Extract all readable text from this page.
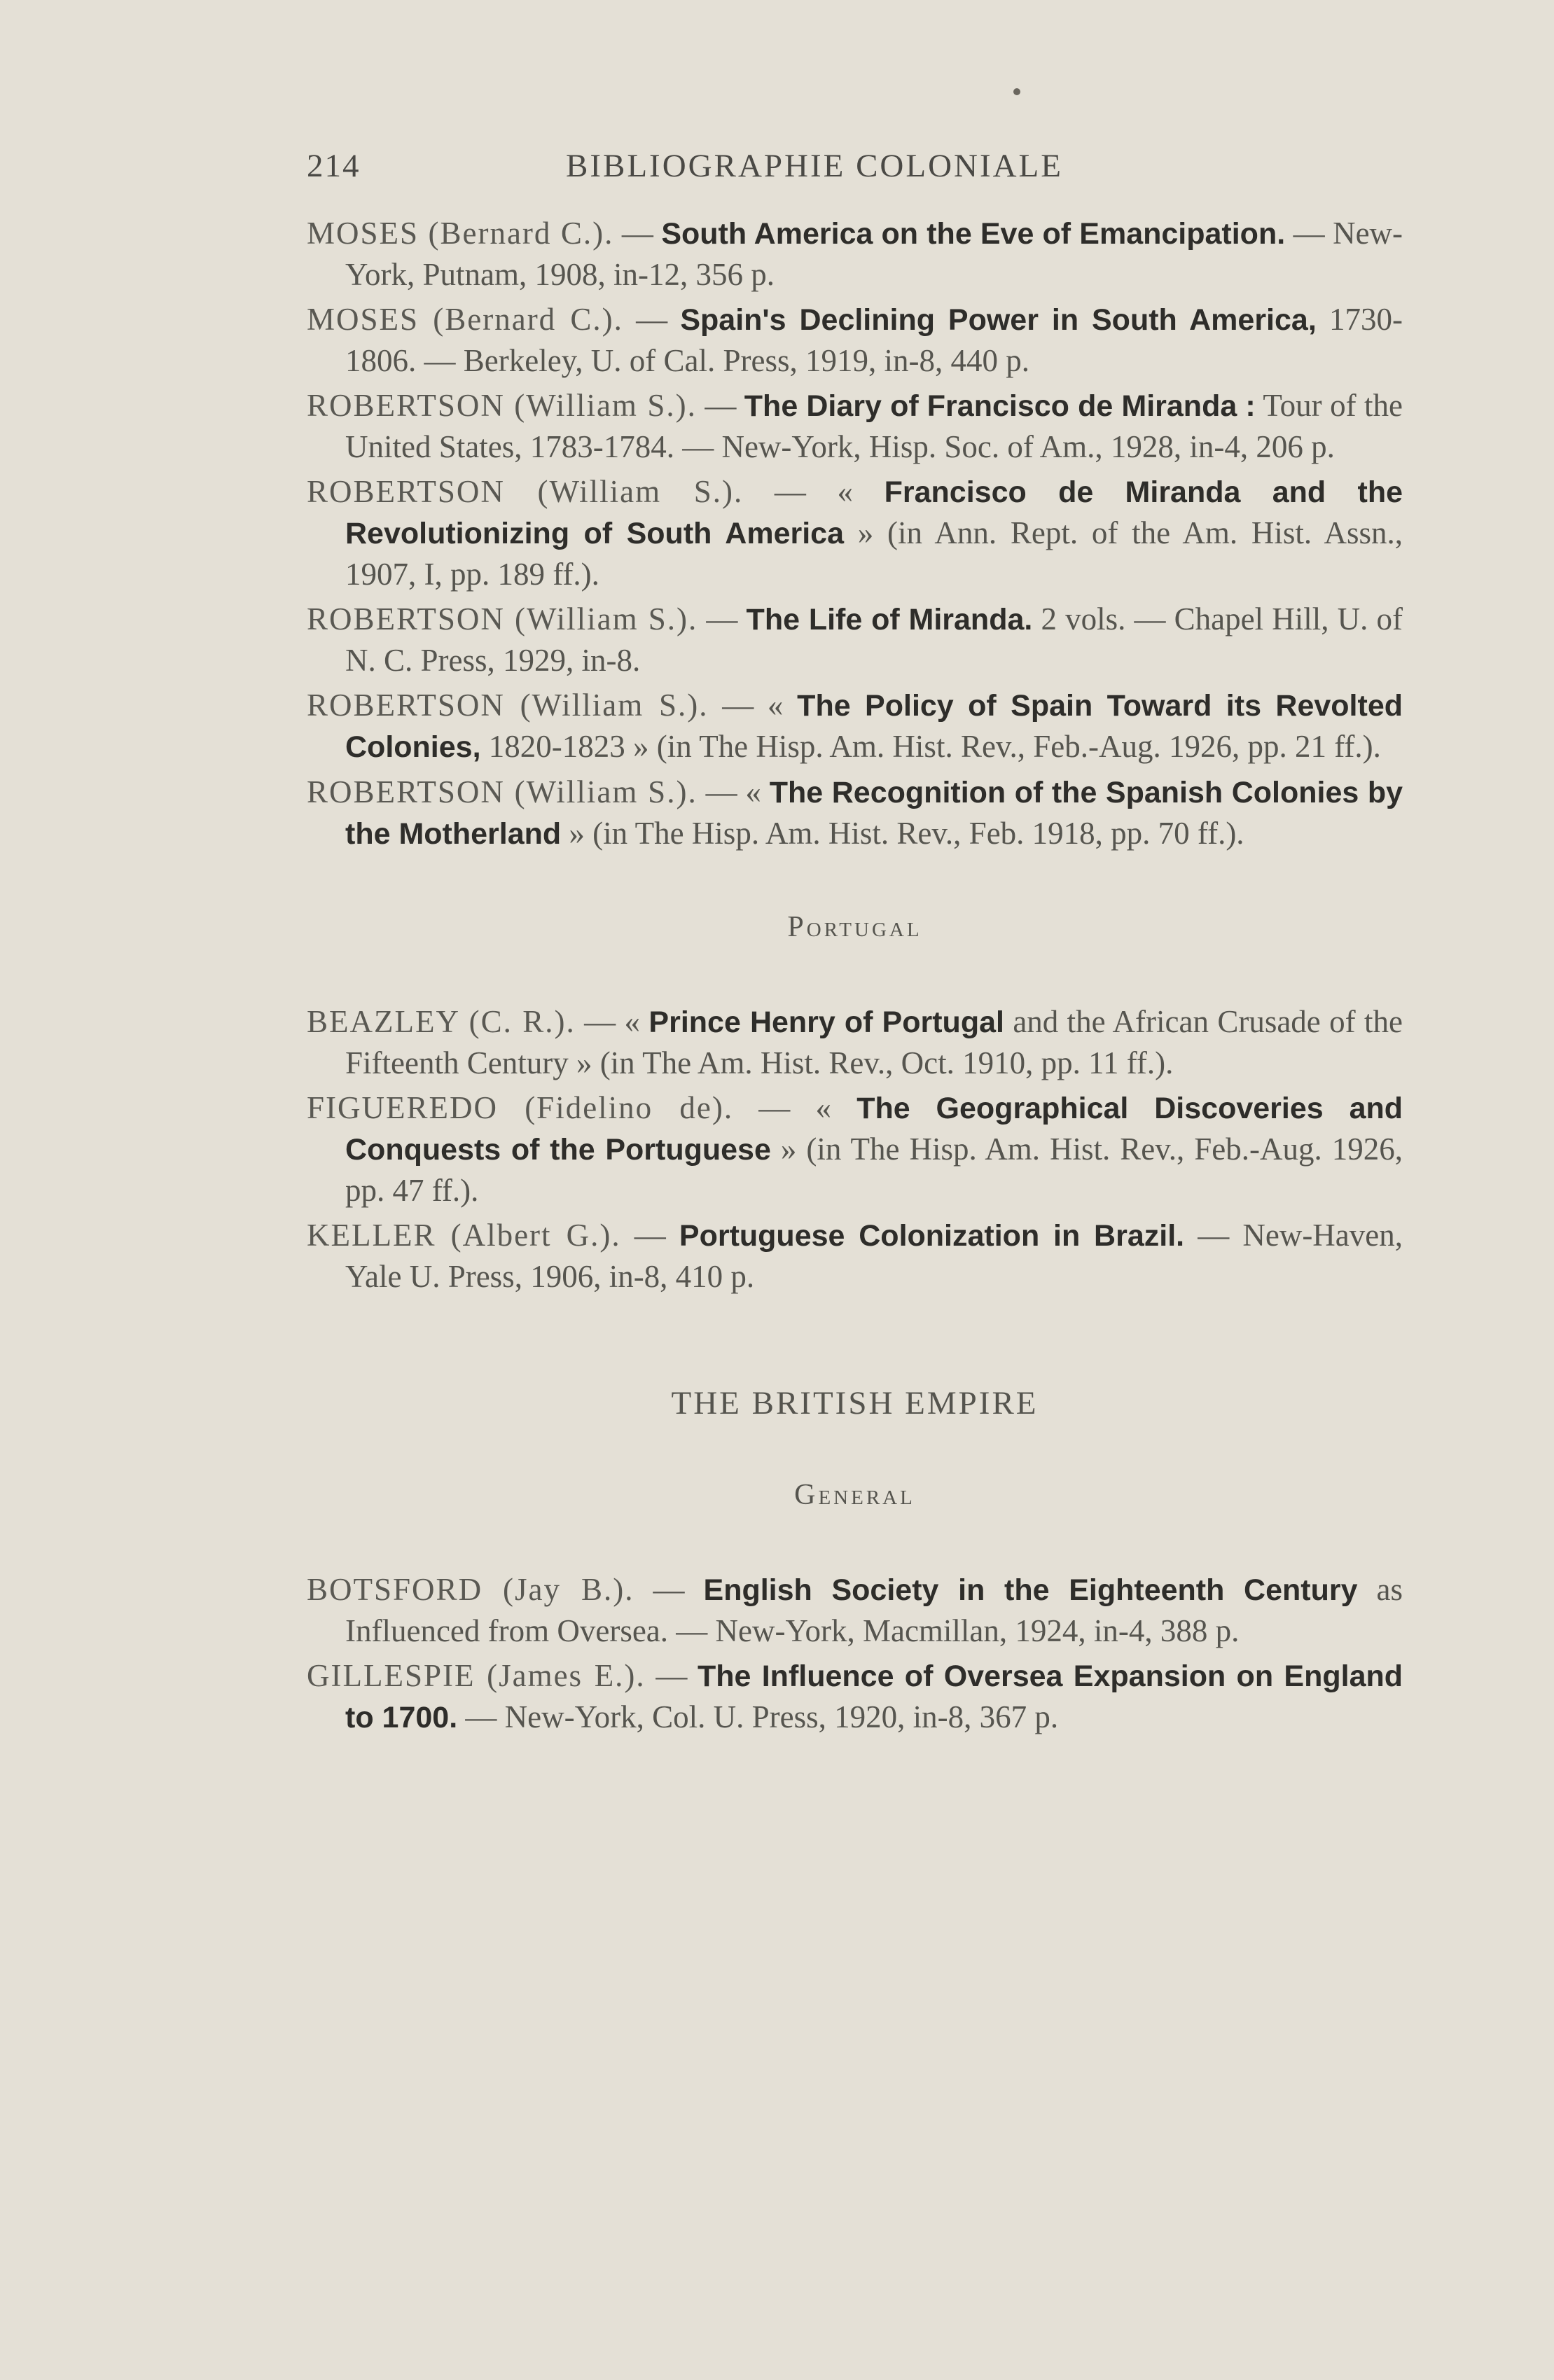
214	BIBLIOGRAPHIE COLONIALE

MOSES (Bernard C.). — South America on the Eve of Emancipation. — New-York, Putnam, 1908, in-12, 356 p.

MOSES (Bernard C.). — Spain's Declining Power in South America, 1730-1806. — Berkeley, U. of Cal. Press, 1919, in-8, 440 p.

ROBERTSON (William S.). — The Diary of Francisco de Miranda : Tour of the United States, 1783-1784. — New-York, Hisp. Soc. of Am., 1928, in-4, 206 p.

ROBERTSON (William S.). — « Francisco de Miranda and the Revolutionizing of South America » (in Ann. Rept. of the Am. Hist. Assn., 1907, I, pp. 189 ff.).

ROBERTSON (William S.). — The Life of Miranda. 2 vols. — Chapel Hill, U. of N. C. Press, 1929, in-8.

ROBERTSON (William S.). — « The Policy of Spain Toward its Revolted Colonies, 1820-1823 » (in The Hisp. Am. Hist. Rev., Feb.-Aug. 1926, pp. 21 ff.).

ROBERTSON (William S.). — « The Recognition of the Spanish Colonies by the Motherland » (in The Hisp. Am. Hist. Rev., Feb. 1918, pp. 70 ff.).

Portugal

BEAZLEY (C. R.). — « Prince Henry of Portugal and the African Crusade of the Fifteenth Century » (in The Am. Hist. Rev., Oct. 1910, pp. 11 ff.).

FIGUEREDO (Fidelino de). — « The Geographical Discoveries and Conquests of the Portuguese » (in The Hisp. Am. Hist. Rev., Feb.-Aug. 1926, pp. 47 ff.).

KELLER (Albert G.). — Portuguese Colonization in Brazil. — New-Haven, Yale U. Press, 1906, in-8, 410 p.

THE BRITISH EMPIRE
General

BOTSFORD (Jay B.). — English Society in the Eighteenth Century as Influenced from Oversea. — New-York, Macmillan, 1924, in-4, 388 p.

GILLESPIE (James E.). — The Influence of Oversea Expansion on England to 1700. — New-York, Col. U. Press, 1920, in-8, 367 p.
